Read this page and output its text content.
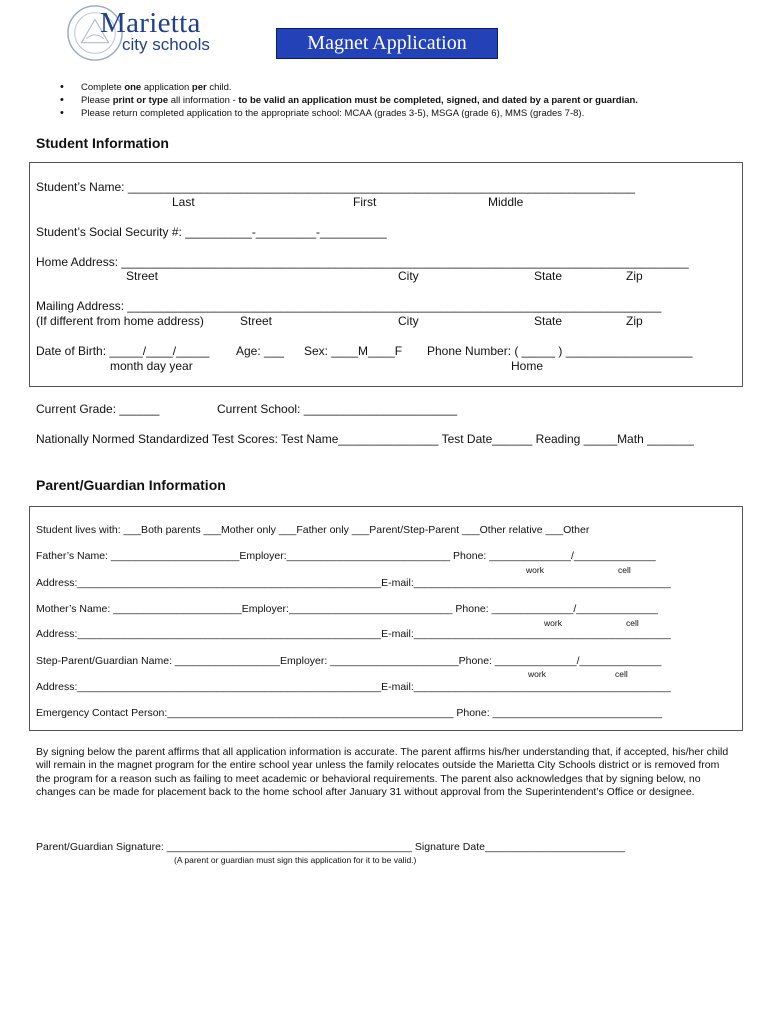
Marietta
city schools	Magnet Application
• Complete one application per child.
• Please print or type all information - to be valid an application must be completed, signed, and dated by a parent or guardian.
• Please return completed application to the appropriate school: MCAA (grades 3-5), MSGA (grade 6), MMS (grades 7-8).
Student Information
Student’s Name: ____________________________________________________________________________
Last	First	Middle
Student’s Social Security #: __________-_________-__________
Home Address: _____________________________________________________________________________________
Street	City	State	Zip
Mailing Address: ________________________________________________________________________________
(If different from home address)	Street	City	State	Zip
Date of Birth: _____/____/_____
month day year
Age: ___ Sex: ____M____F Phone Number: ( _____ ) ___________________
Home
Current Grade: ______	Current School: _______________________
Nationally Normed Standardized Test Scores: Test Name_______________ Test Date______ Reading _____Math _______
Parent/Guardian Information
Student lives with: ___Both parents ___Mother only ___Father only ___Parent/Step-Parent ___Other relative ___Other
Father’s Name: ______________________Employer:____________________________ Phone: ______________/______________
work	cell
Address:____________________________________________________E-mail:____________________________________________
Mother’s Name: ______________________Employer:____________________________ Phone: ______________/______________
work	cell
Address:____________________________________________________E-mail:____________________________________________
Step-Parent/Guardian Name: __________________Employer: ______________________Phone: ______________/______________
work	cell
Address:____________________________________________________E-mail:____________________________________________
Emergency Contact Person:_________________________________________________ Phone: _____________________________
By signing below the parent affirms that all application information is accurate. The parent affirms his/her understanding that, if accepted, his/her child will remain in the magnet program for the entire school year unless the family relocates outside the Marietta City Schools district or is removed from the program for a reason such as failing to meet academic or behavioral requirements. The parent also acknowledges that by signing below, no changes can be made for placement back to the home school after January 31 without approval from the Superintendent’s Office or designee.
Parent/Guardian Signature: __________________________________________ Signature Date________________________
(A parent or guardian must sign this application for it to be valid.)
